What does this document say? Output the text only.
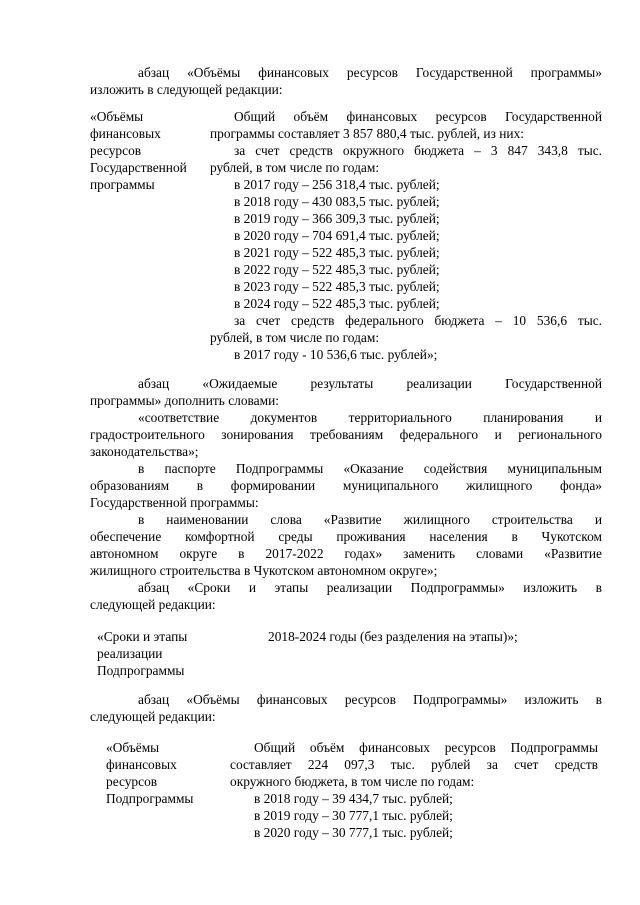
абзац «Объёмы финансовых ресурсов Государственной программы»
изложить в следующей редакции:
«Объёмы
финансовых
ресурсов
Государственной
программы
Общий объём финансовых ресурсов Государственной
программы составляет 3 857 880,4 тыс. рублей, из них:
за счет средств окружного бюджета – 3 847 343,8 тыс.
рублей, в том числе по годам:
в 2017 году – 256 318,4 тыс. рублей;
в 2018 году – 430 083,5 тыс. рублей;
в 2019 году – 366 309,3 тыс. рублей;
в 2020 году – 704 691,4 тыс. рублей;
в 2021 году – 522 485,3 тыс. рублей;
в 2022 году – 522 485,3 тыс. рублей;
в 2023 году – 522 485,3 тыс. рублей;
в 2024 году – 522 485,3 тыс. рублей;
за счет средств федерального бюджета – 10 536,6 тыс.
рублей, в том числе по годам:
в 2017 году - 10 536,6 тыс. рублей»;
абзац «Ожидаемые результаты реализации Государственной
программы» дополнить словами:
«соответствие документов территориального планирования и
градостроительного зонирования требованиям федерального и регионального
законодательства»;
в паспорте Подпрограммы «Оказание содействия муниципальным
образованиям в формировании муниципального жилищного фонда»
Государственной программы:
в наименовании слова «Развитие жилищного строительства и
обеспечение комфортной среды проживания населения в Чукотском
автономном округе в 2017-2022 годах» заменить словами «Развитие
жилищного строительства в Чукотском автономном округе»;
абзац «Сроки и этапы реализации Подпрограммы» изложить в
следующей редакции:
«Сроки и этапы
реализации
Подпрограммы
2018-2024 годы (без разделения на этапы)»;
абзац «Объёмы финансовых ресурсов Подпрограммы» изложить в
следующей редакции:
«Объёмы
финансовых
ресурсов
Подпрограммы
Общий объём финансовых ресурсов Подпрограммы
составляет 224 097,3 тыс. рублей за счет средств
окружного бюджета, в том числе по годам:
в 2018 году – 39 434,7 тыс. рублей;
в 2019 году – 30 777,1 тыс. рублей;
в 2020 году – 30 777,1 тыс. рублей;
